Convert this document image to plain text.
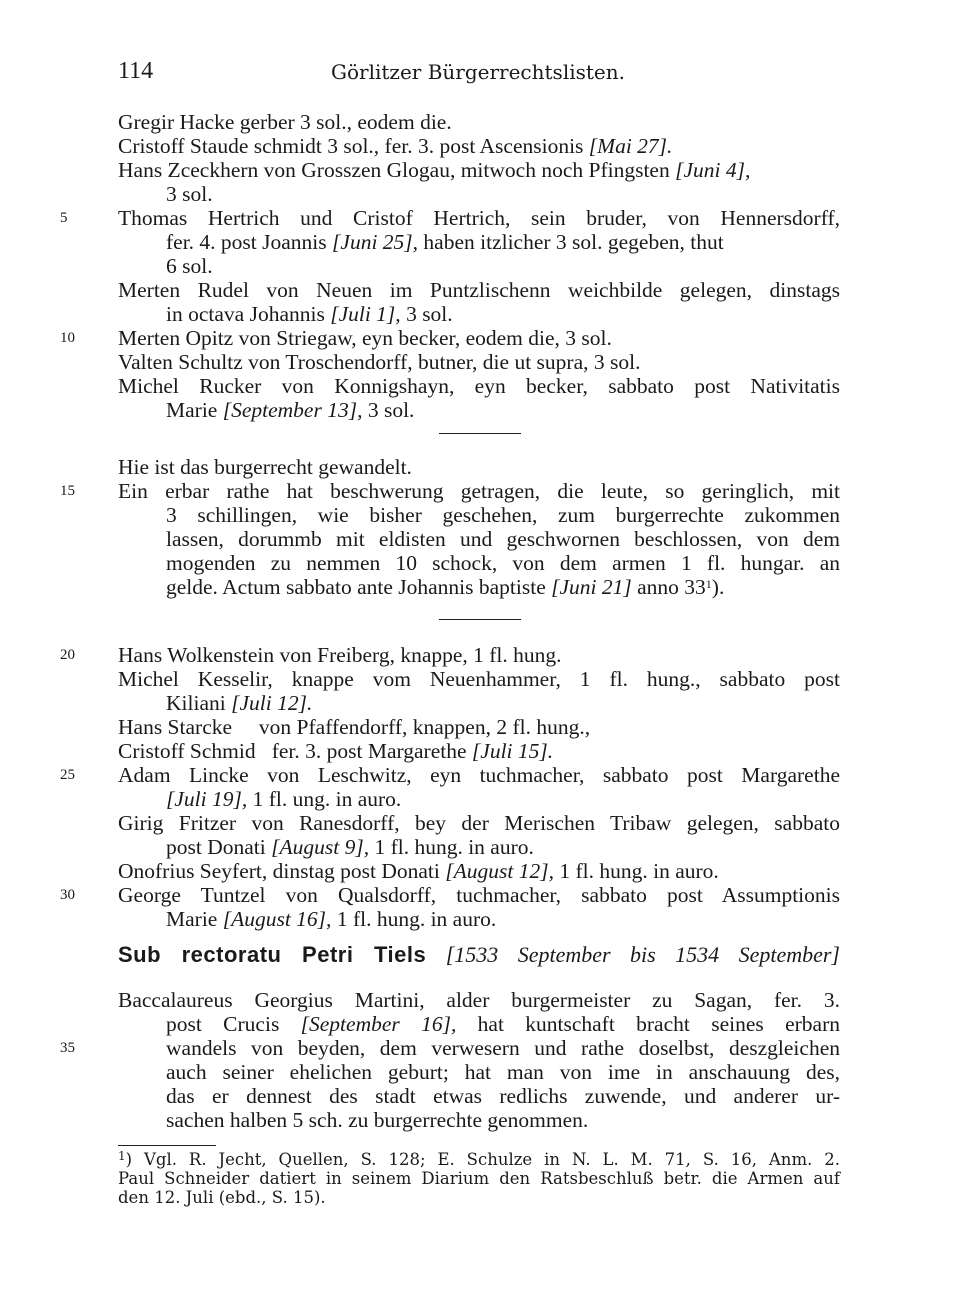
114	Görlitzer Bürgerrechtslisten.
Gregir Hacke gerber 3 sol., eodem die.
Cristoff Staude schmidt 3 sol., fer. 3. post Ascensionis [Mai 27].
Hans Zceckhern von Grosszen Glogau, mitwoch noch Pfingsten [Juni 4],
3 sol.
5	Thomas Hertrich und Cristof Hertrich, sein bruder, von Hennersdorff,
fer. 4. post Joannis [Juni 25], haben itzlicher 3 sol. gegeben, thut
6 sol.
Merten Rudel von Neuen im Puntzlischenn weichbilde gelegen, dinstags
in octava Johannis [Juli 1], 3 sol.
10	Merten Opitz von Striegaw, eyn becker, eodem die, 3 sol.
Valten Schultz von Troschendorff, butner, die ut supra, 3 sol.
Michel Rucker von Konnigshayn, eyn becker, sabbato post Nativitatis
Marie [September 13], 3 sol.
Hie ist das burgerrecht gewandelt.
15	Ein erbar rathe hat beschwerung getragen, die leute, so geringlich, mit
3 schillingen, wie bisher geschehen, zum burgerrechte zukommen
lassen, dorummb mit eldisten und geschwornen beschlossen, von dem
mogenden zu nemmen 10 schock, von dem armen 1 fl. hungar. an
gelde. Actum sabbato ante Johannis baptiste [Juni 21] anno $33^1$).
20	Hans Wolkenstein von Freiberg, knappe, 1 fl. hung.
Michel Kesselir, knappe vom Neuenhammer, 1 fl. hung., sabbato post
Kiliani [Juli 12].
Hans Starcke     von Pfaffendorff, knappen, 2 fl. hung.,
Cristoff Schmid   fer. 3. post Margarethe [Juli 15].
25	Adam Lincke von Leschwitz, eyn tuchmacher, sabbato post Margarethe
[Juli 19], 1 fl. ung. in auro.
Girig Fritzer von Ranesdorff, bey der Merischen Tribaw gelegen, sabbato
post Donati [August 9], 1 fl. hung. in auro.
Onofrius Seyfert, dinstag post Donati [August 12], 1 fl. hung. in auro.
30	George Tuntzel von Qualsdorff, tuchmacher, sabbato post Assumptionis
Marie [August 16], 1 fl. hung. in auro.
Sub rectoratu Petri Tiels [1533 September bis 1534 September]
Baccalaureus Georgius Martini, alder burgermeister zu Sagan, fer. 3.
post Crucis [September 16], hat kuntschaft bracht seines erbarn
35	wandels von beyden, dem verwesern und rathe doselbst, deszgleichen
auch seiner ehelichen geburt; hat man von ime in anschauung des,
das er dennest des stadt etwas redlichs zuwende, und anderer ur-
sachen halben 5 sch. zu burgerrechte genommen.
$^1$) Vgl. R. Jecht, Quellen, S. 128; E. Schulze in N. L. M. 71, S. 16, Anm. 2.
Paul Schneider datiert in seinem Diarium den Ratsbeschluß betr. die Armen auf
den 12. Juli (ebd., S. 15).
